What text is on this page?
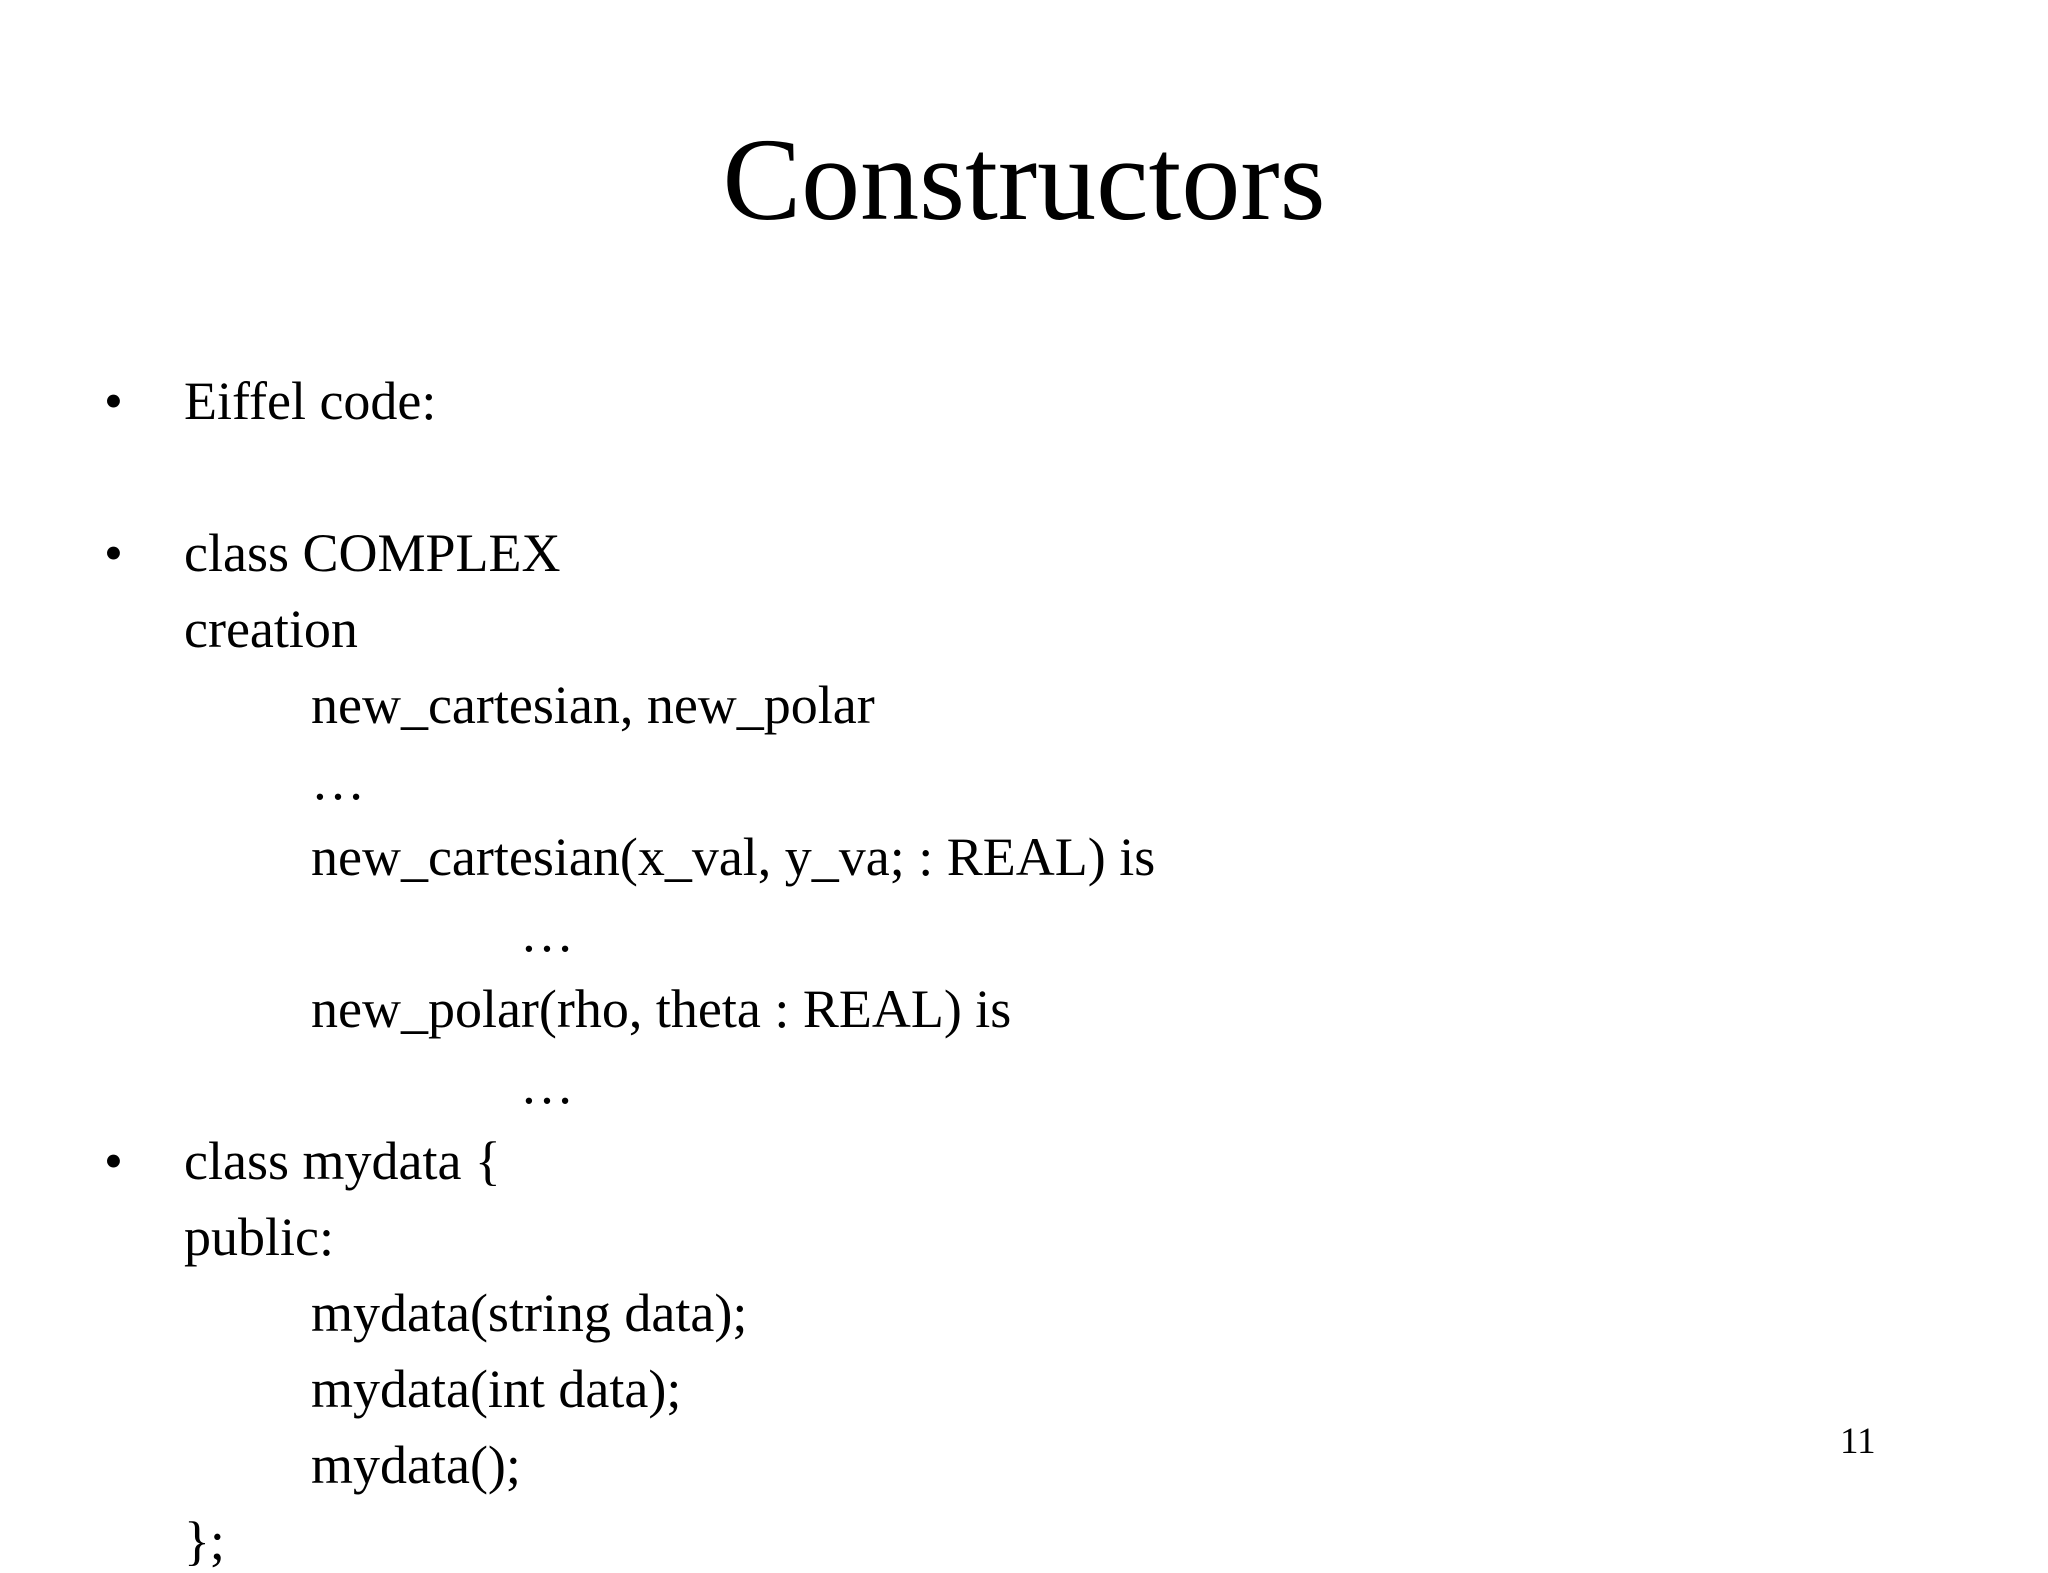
Constructors
• Eiffel code:
• class COMPLEX
creation
new_cartesian, new_polar
…
new_cartesian(x_val, y_va; : REAL) is
…
new_polar(rho, theta : REAL) is
…
• class mydata {
public:
mydata(string data);
mydata(int data);
mydata();
};
11
